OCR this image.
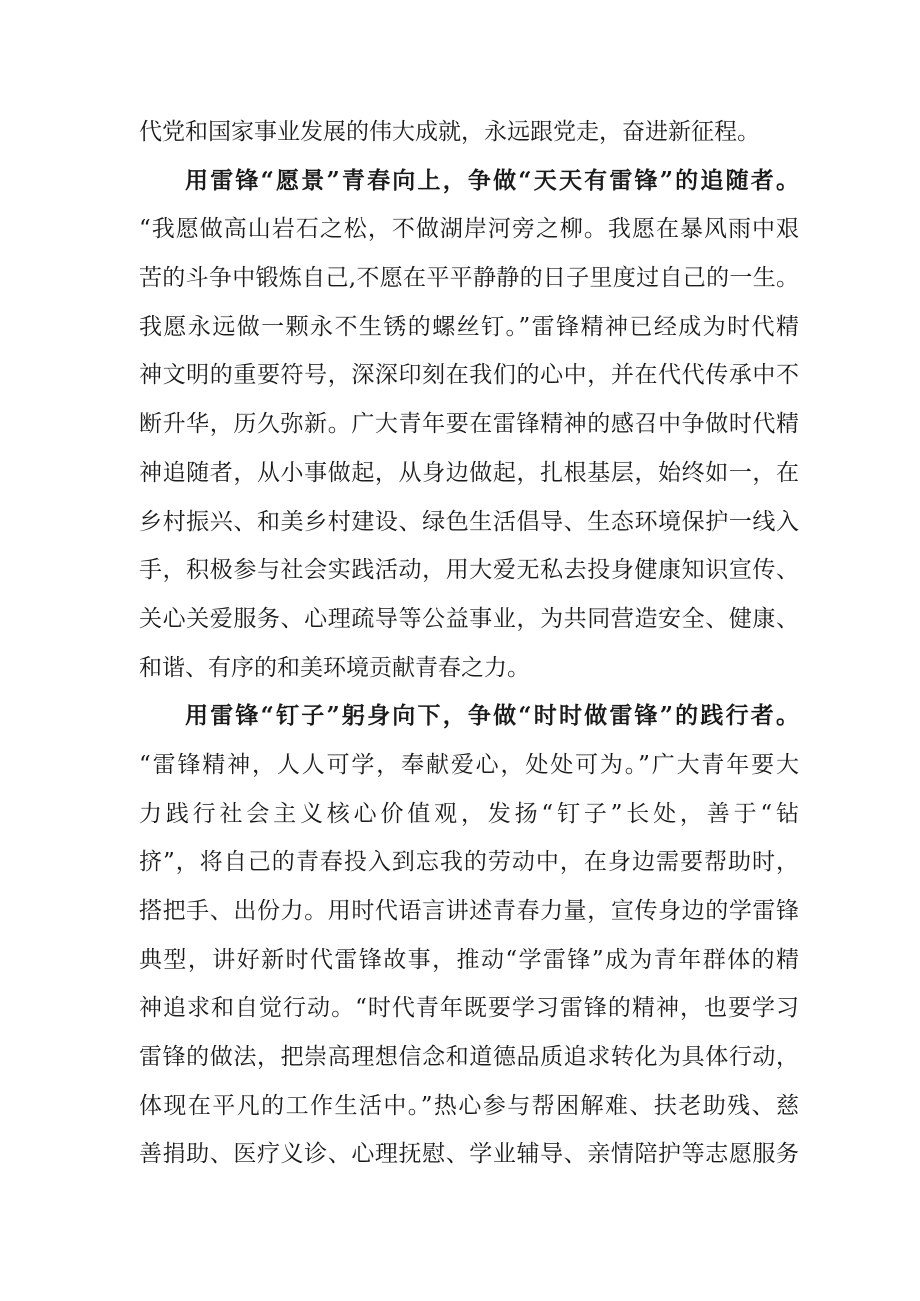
代党和国家事业发展的伟大成就，永远跟党走，奋进新征程。
用雷锋“愿景”青春向上，争做“天天有雷锋”的追随者。
“我愿做高山岩石之松，不做湖岸河旁之柳。我愿在暴风雨中艰
苦的斗争中锻炼自己,不愿在平平静静的日子里度过自己的一生。
我愿永远做一颗永不生锈的螺丝钉。”雷锋精神已经成为时代精
神文明的重要符号，深深印刻在我们的心中，并在代代传承中不
断升华，历久弥新。广大青年要在雷锋精神的感召中争做时代精
神追随者，从小事做起，从身边做起，扎根基层，始终如一，在
乡村振兴、和美乡村建设、绿色生活倡导、生态环境保护一线入
手，积极参与社会实践活动，用大爱无私去投身健康知识宣传、
关心关爱服务、心理疏导等公益事业，为共同营造安全、健康、
和谐、有序的和美环境贡献青春之力。
用雷锋“钉子”躬身向下，争做“时时做雷锋”的践行者。
“雷锋精神，人人可学，奉献爱心，处处可为。”广大青年要大
力践行社会主义核心价值观，发扬“钉子”长处，善于“钻
挤”，将自己的青春投入到忘我的劳动中，在身边需要帮助时，
搭把手、出份力。用时代语言讲述青春力量，宣传身边的学雷锋
典型，讲好新时代雷锋故事，推动“学雷锋”成为青年群体的精
神追求和自觉行动。“时代青年既要学习雷锋的精神，也要学习
雷锋的做法，把崇高理想信念和道德品质追求转化为具体行动，
体现在平凡的工作生活中。”热心参与帮困解难、扶老助残、慈
善捐助、医疗义诊、心理抚慰、学业辅导、亲情陪护等志愿服务
